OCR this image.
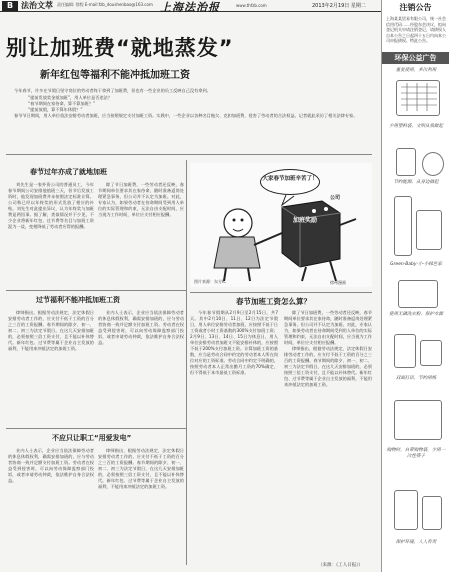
B 法治文萃 责任编辑: 徐程 E-mail:fzb_doushenbao@163.com 上海法治报	www.thfzb.com	2013年2月19日 星期二
别让加班费“就地蒸发”
新年红包等福利不能冲抵加班工资

今年春节，许多在节假日坚守岗位的劳动者终于拿到了加班费，但也有一些企业的员工反映自己没有拿到。

“提前发放奖金抵加班”，用人单位是否违法？
“春节期间在家待命，算不算加班？”
“提前放假，算不算年休假？”

春节节日期间，用人单位依法安排劳动者加班，应当按照规定支付加班工资。实践中，一些企业以各种名目拖欠、克扣加班费，侵害了劳动者的合法权益。记者就此采访了相关法律专家。

春节过年亦成了就地加班

刘先生是一家外资公司的普通员工，今年春节期间公司安排他值班三天，但节后发放工资时，他发现加班费并未按照法定标准计算。公司称已经以年终奖的形式发放了相应的补贴。刘先生对此提出异议，认为年终奖与加班费是两回事。据了解，类似情况并不少见，不少企业将新年红包、过节费等名目与加班工资混为一谈，变相降低了劳动者应得的报酬。

除了节日加班费，一些劳动者还反映，春节期间单位要求其在家待命，随时准备返岗处理紧急事务，但公司并不认定为加班。对此，专家认为，如果劳动者在待命期间受到用人单位的实际管理和约束，无法自由支配时间，应当视为工作时间，单位应支付相应报酬。

过节福利不能冲抵加班工资

律师指出，根据劳动法规定，法定休假日安排劳动者工作的，应支付不低于工资的百分之三百的工资报酬。春节期间的除夕、初一、初二、初三为法定节假日，在这几天安排加班的，必须按照三倍工资支付，且不能以补休替代。新年红包、过节费等属于企业自主发放的福利，不能用来冲抵法定的加班工资。

业内人士表示，企业应当依法保障劳动者的休息休假权利，确需安排加班的，应与劳动者协商一致并足额支付加班工资。劳动者在权益受到侵害时，可以向劳动保障监察部门投诉，或者申请劳动仲裁，依法维护自身合法权益。

不应只让职工“用爱发电”

业内人士表示，企业应当依法保障劳动者的休息休假权利，确需安排加班的，应与劳动者协商一致并足额支付加班工资。劳动者在权益受到侵害时，可以向劳动保障监察部门投诉，或者申请劳动仲裁，依法维护自身合法权益。

律师指出，根据劳动法规定，法定休假日安排劳动者工作的，应支付不低于工资的百分之三百的工资报酬。春节期间的除夕、初一、初二、初三为法定节假日，在这几天安排加班的，必须按照三倍工资支付，且不能以补休替代。新年红包、过节费等属于企业自主发放的福利，不能用来冲抵法定的加班工资。

大家春节加班辛苦了！
公司
加班奖励
图片来源：东方IC	徐州漫画
春节加班工资怎么算？

今年春节假期从2月9日至2月15日，共7天。其中2月10日、11日、12日为法定节假日，用人单位安排劳动者加班，应按照不低于日工资或者小时工资基数的300%支付加班工资；2月9日、13日、14日、15日为休息日，用人单位安排劳动者加班又不能安排补休的，应按照不低于200%支付加班工资。计算加班工资的基数，应当是劳动合同中约定的劳动者本人所在岗位对应的工资标准。劳动合同中约定不明确的，按照劳动者本人正常出勤月工资的70%确定，但不得低于本市最低工资标准。

除了节日加班费，一些劳动者还反映，春节期间单位要求其在家待命，随时准备返岗处理紧急事务，但公司并不认定为加班。对此，专家认为，如果劳动者在待命期间受到用人单位的实际管理和约束，无法自由支配时间，应当视为工作时间，单位应支付相应报酬。

律师指出，根据劳动法规定，法定休假日安排劳动者工作的，应支付不低于工资的百分之三百的工资报酬。春节期间的除夕、初一、初二、初三为法定节假日，在这几天安排加班的，必须按照三倍工资支付，且不能以补休替代。新年红包、过节费等属于企业自主发放的福利，不能用来冲抵法定的加班工资。

（来源：《工人日报》）
注销公告
上海某某贸易有限公司，统一社会信用代码……经股东会决议，拟向登记机关申请注销登记，请债权人自本公告之日起四十五日内向本公司申报债权。特此公告。
环保公益广告
重复使用，多次利用
少用塑料袋，文明从我做起
节约能源，从身边做起
Green·Baby·小·小绿色家
使用无磷洗衣粉，保护水源
双面打印，节约用纸
购物时，自带购物袋，少用一次性筷子
保护环境，人人有责
